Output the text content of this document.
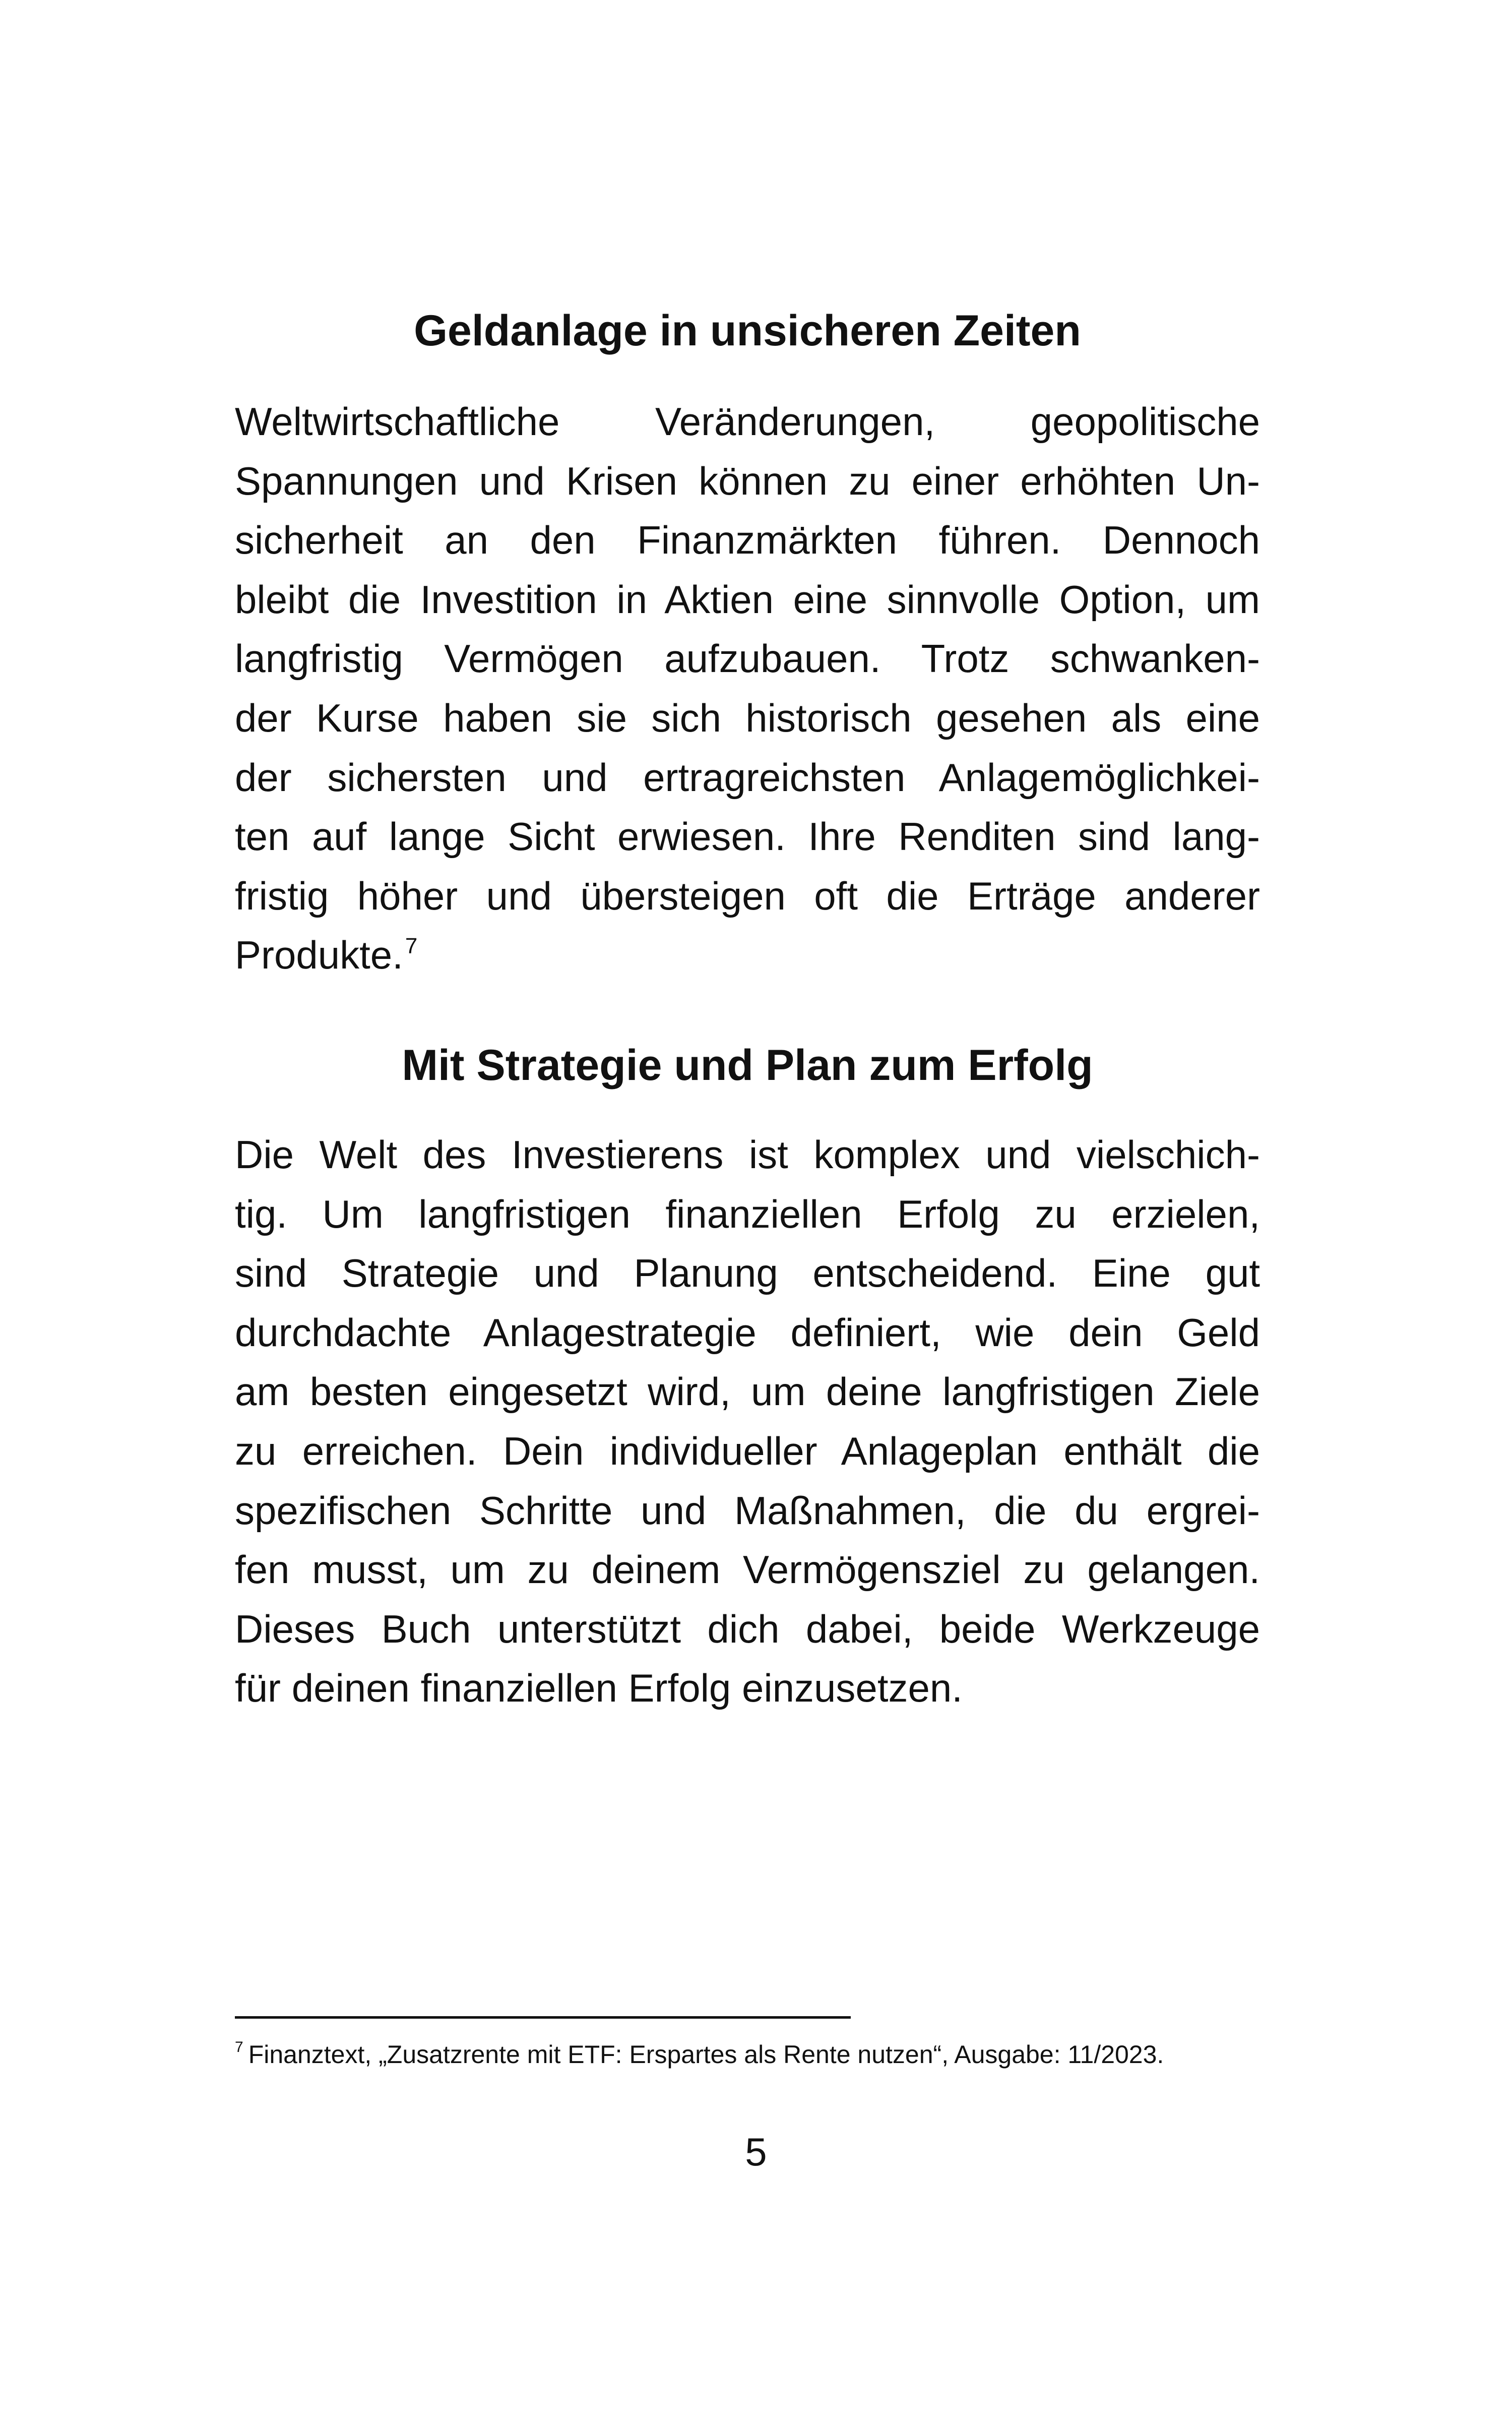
Geldanlage in unsicheren Zeiten
Weltwirtschaftliche Veränderungen, geopolitische
Spannungen und Krisen können zu einer erhöhten Un-
sicherheit an den Finanzmärkten führen. Dennoch
bleibt die Investition in Aktien eine sinnvolle Option, um
langfristig Vermögen aufzubauen. Trotz schwanken-
der Kurse haben sie sich historisch gesehen als eine
der sichersten und ertragreichsten Anlagemöglichkei-
ten auf lange Sicht erwiesen. Ihre Renditen sind lang-
fristig höher und übersteigen oft die Erträge anderer
Produkte.$^7$
Mit Strategie und Plan zum Erfolg
Die Welt des Investierens ist komplex und vielschich-
tig. Um langfristigen finanziellen Erfolg zu erzielen,
sind Strategie und Planung entscheidend. Eine gut
durchdachte Anlagestrategie definiert, wie dein Geld
am besten eingesetzt wird, um deine langfristigen Ziele
zu erreichen. Dein individueller Anlageplan enthält die
spezifischen Schritte und Maßnahmen, die du ergrei-
fen musst, um zu deinem Vermögensziel zu gelangen.
Dieses Buch unterstützt dich dabei, beide Werkzeuge
für deinen finanziellen Erfolg einzusetzen.

$^7$ Finanztext, „Zusatzrente mit ETF: Erspartes als Rente nutzen“, Ausgabe: 11/2023.

5
